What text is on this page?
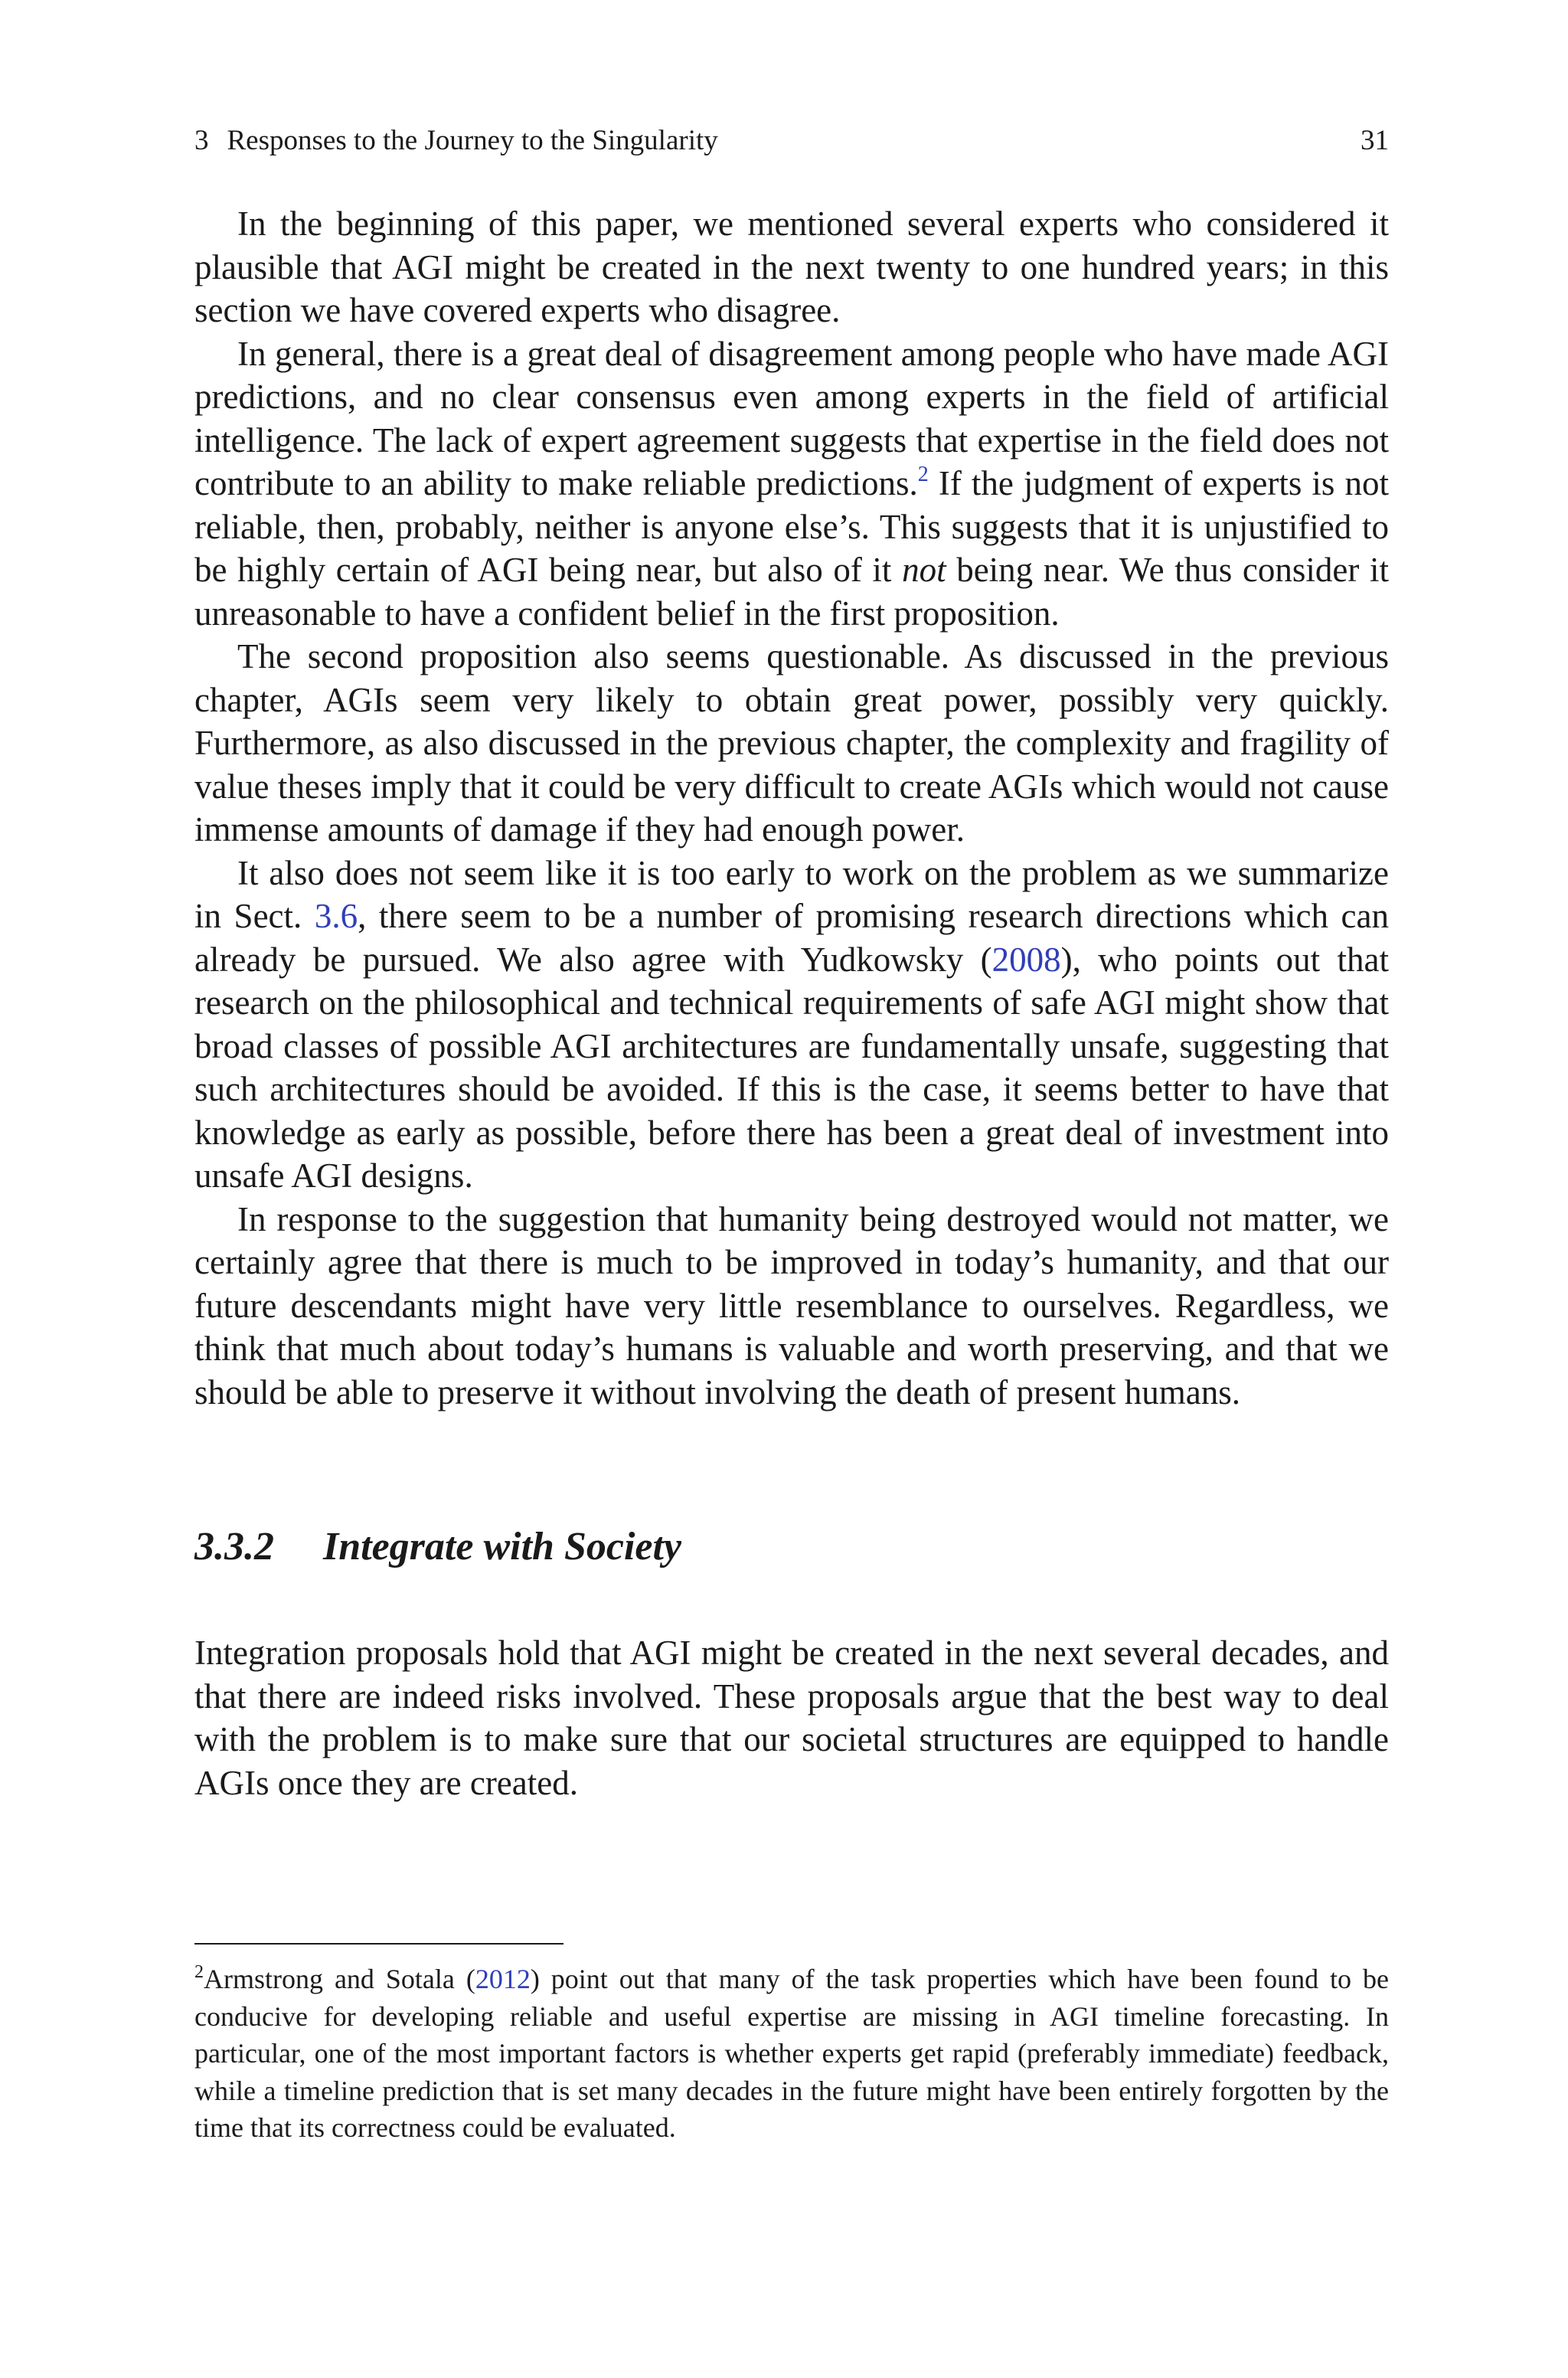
3 Responses to the Journey to the Singularity	31

In the beginning of this paper, we mentioned several experts who considered it plausible that AGI might be created in the next twenty to one hundred years; in this section we have covered experts who disagree.

In general, there is a great deal of disagreement among people who have made AGI predictions, and no clear consensus even among experts in the field of artificial intelligence. The lack of expert agreement suggests that expertise in the field does not contribute to an ability to make reliable predictions.$^2$ If the judgment of experts is not reliable, then, probably, neither is anyone else’s. This suggests that it is unjustified to be highly certain of AGI being near, but also of it not being near. We thus consider it unreasonable to have a confident belief in the first proposition.

The second proposition also seems questionable. As discussed in the previous chapter, AGIs seem very likely to obtain great power, possibly very quickly. Furthermore, as also discussed in the previous chapter, the complexity and fragility of value theses imply that it could be very difficult to create AGIs which would not cause immense amounts of damage if they had enough power.

It also does not seem like it is too early to work on the problem as we summarize in Sect. 3.6, there seem to be a number of promising research directions which can already be pursued. We also agree with Yudkowsky (2008), who points out that research on the philosophical and technical requirements of safe AGI might show that broad classes of possible AGI architectures are fundamentally unsafe, suggesting that such architectures should be avoided. If this is the case, it seems better to have that knowledge as early as possible, before there has been a great deal of investment into unsafe AGI designs.

In response to the suggestion that humanity being destroyed would not matter, we certainly agree that there is much to be improved in today’s humanity, and that our future descendants might have very little resemblance to ourselves. Regardless, we think that much about today’s humans is valuable and worth preserving, and that we should be able to preserve it without involving the death of present humans.

3.3.2 Integrate with Society

Integration proposals hold that AGI might be created in the next several decades, and that there are indeed risks involved. These proposals argue that the best way to deal with the problem is to make sure that our societal structures are equipped to handle AGIs once they are created.

$^2$Armstrong and Sotala (2012) point out that many of the task properties which have been found to be conducive for developing reliable and useful expertise are missing in AGI timeline forecasting. In particular, one of the most important factors is whether experts get rapid (preferably immediate) feedback, while a timeline prediction that is set many decades in the future might have been entirely forgotten by the time that its correctness could be evaluated.
